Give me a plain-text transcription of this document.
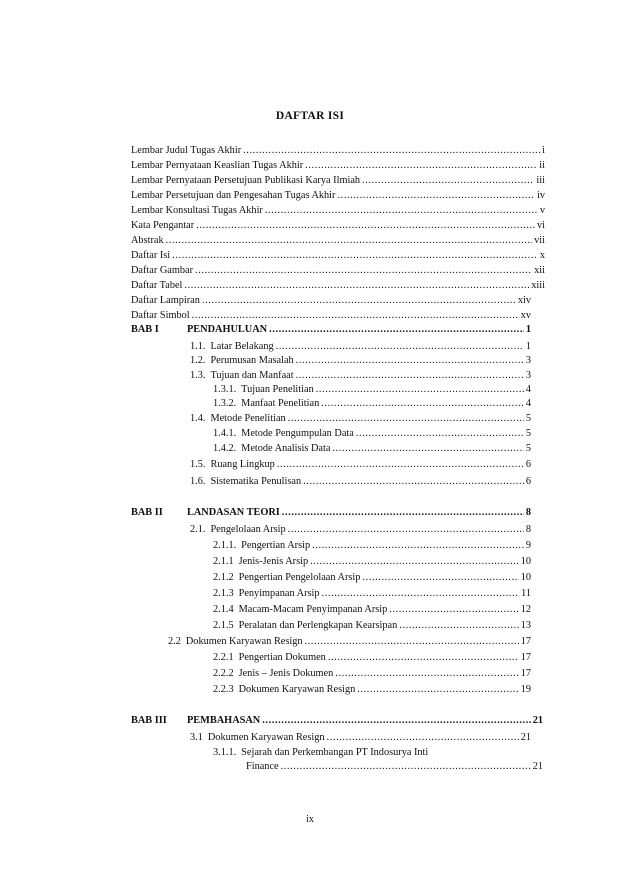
DAFTAR ISI
Lembar Judul Tugas Akhir .....	i
Lembar Pernyataan Keaslian Tugas Akhir .....	ii
Lembar Pernyataan Persetujuan Publikasi Karya Ilmiah .....	iii
Lembar Persetujuan dan Pengesahan Tugas Akhir .....	iv
Lembar Konsultasi Tugas Akhir .....	v
Kata Pengantar .....	vi
Abstrak .....	vii
Daftar Isi .....	x
Daftar Gambar .....	xii
Daftar Tabel .....	xiii
Daftar Lampiran .....	xiv
Daftar Simbol .....	xv
BAB I	PENDAHULUAN .....	1
1.1. Latar Belakang .....	1
1.2. Perumusan Masalah .....	3
1.3. Tujuan dan Manfaat .....	3
1.3.1. Tujuan Penelitian .....	4
1.3.2. Manfaat Penelitian .....	4
1.4. Metode Penelitian .....	5
1.4.1. Metode Pengumpulan Data .....	5
1.4.2. Metode Analisis Data .....	5
1.5. Ruang Lingkup .....	6
1.6. Sistematika Penulisan .....	6
BAB II	LANDASAN TEORI .....	8
2.1. Pengelolaan Arsip .....	8
2.1.1. Pengertian Arsip .....	9
2.1.1 Jenis-Jenis Arsip .....	10
2.1.2 Pengertian Pengelolaan Arsip .....	10
2.1.3 Penyimpanan Arsip .....	11
2.1.4 Macam-Macam Penyimpanan Arsip .....	12
2.1.5 Peralatan dan Perlengkapan Kearsipan .....	13
2.2 Dokumen Karyawan Resign .....	17
2.2.1 Pengertian Dokumen .....	17
2.2.2 Jenis – Jenis Dokumen .....	17
2.2.3 Dokumen Karyawan Resign .....	19
BAB III	PEMBAHASAN .....	21
3.1 Dokumen Karyawan Resign .....	21
3.1.1. Sejarah dan Perkembangan PT Indosurya Inti
Finance .....	21
ix
